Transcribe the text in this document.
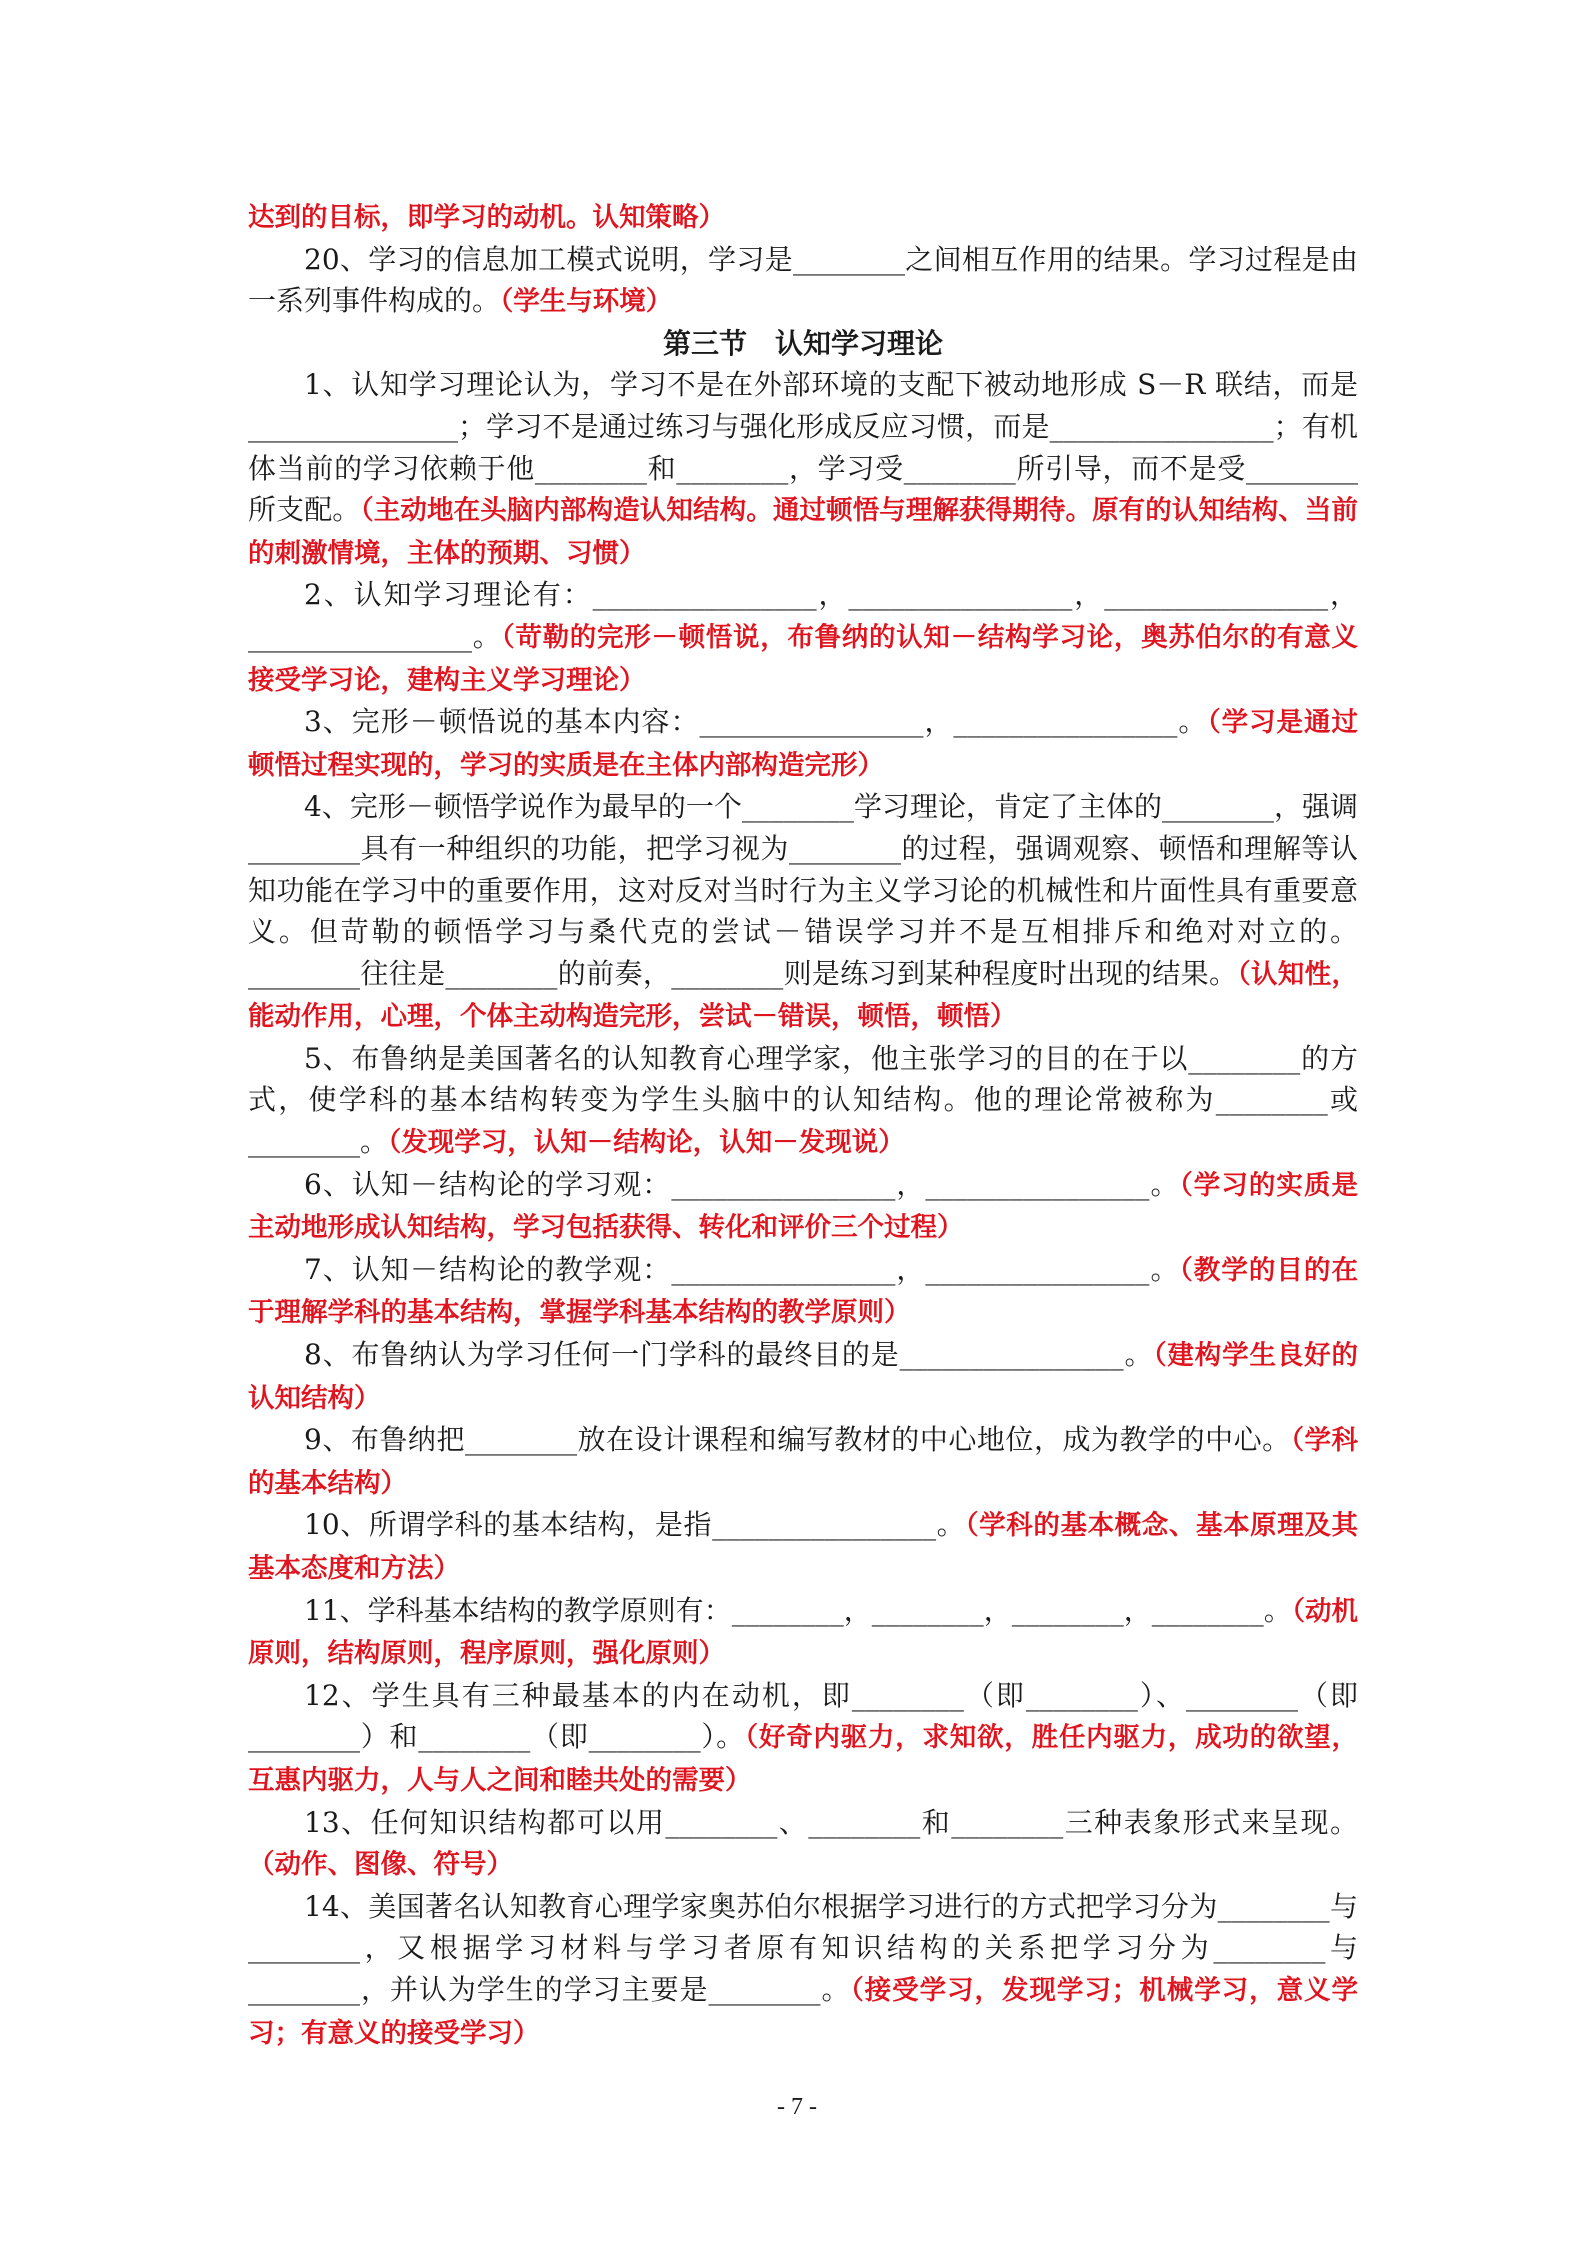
达到的目标，即学习的动机。认知策略）

20、学习的信息加工模式说明，学习是________之间相互作用的结果。学习过程是由一系列事件构成的。（学生与环境）

第三节　认知学习理论

1、认知学习理论认为，学习不是在外部环境的支配下被动地形成 S－R 联结，而是_______________；学习不是通过练习与强化形成反应习惯，而是________________；有机体当前的学习依赖于他________和________，学习受________所引导，而不是受________所支配。（主动地在头脑内部构造认知结构。通过顿悟与理解获得期待。原有的认知结构、当前的刺激情境，主体的预期、习惯）

2、认知学习理论有：________________，________________，________________，________________。（苛勒的完形－顿悟说，布鲁纳的认知－结构学习论，奥苏伯尔的有意义接受学习论，建构主义学习理论）

3、完形－顿悟说的基本内容：________________，________________。（学习是通过顿悟过程实现的，学习的实质是在主体内部构造完形）

4、完形－顿悟学说作为最早的一个________学习理论，肯定了主体的________，强调________具有一种组织的功能，把学习视为________的过程，强调观察、顿悟和理解等认知功能在学习中的重要作用，这对反对当时行为主义学习论的机械性和片面性具有重要意义。但苛勒的顿悟学习与桑代克的尝试－错误学习并不是互相排斥和绝对对立的。________往往是________的前奏，________则是练习到某种程度时出现的结果。（认知性，能动作用，心理，个体主动构造完形，尝试－错误，顿悟，顿悟）

5、布鲁纳是美国著名的认知教育心理学家，他主张学习的目的在于以________的方式，使学科的基本结构转变为学生头脑中的认知结构。他的理论常被称为________或________。（发现学习，认知－结构论，认知－发现说）

6、认知－结构论的学习观：________________，________________。（学习的实质是主动地形成认知结构，学习包括获得、转化和评价三个过程）

7、认知－结构论的教学观：________________，________________。（教学的目的在于理解学科的基本结构，掌握学科基本结构的教学原则）

8、布鲁纳认为学习任何一门学科的最终目的是________________。（建构学生良好的认知结构）

9、布鲁纳把________放在设计课程和编写教材的中心地位，成为教学的中心。（学科的基本结构）

10、所谓学科的基本结构，是指________________。（学科的基本概念、基本原理及其基本态度和方法）

11、学科基本结构的教学原则有：________，________，________，________。（动机原则，结构原则，程序原则，强化原则）

12、学生具有三种最基本的内在动机，即________（即________）、________（即________）和________（即________）。（好奇内驱力，求知欲，胜任内驱力，成功的欲望，互惠内驱力，人与人之间和睦共处的需要）

13、任何知识结构都可以用________、________和________三种表象形式来呈现。（动作、图像、符号）

14、美国著名认知教育心理学家奥苏伯尔根据学习进行的方式把学习分为________与________，又根据学习材料与学习者原有知识结构的关系把学习分为________与________，并认为学生的学习主要是________。（接受学习，发现学习；机械学习，意义学习；有意义的接受学习）

- 7 -
